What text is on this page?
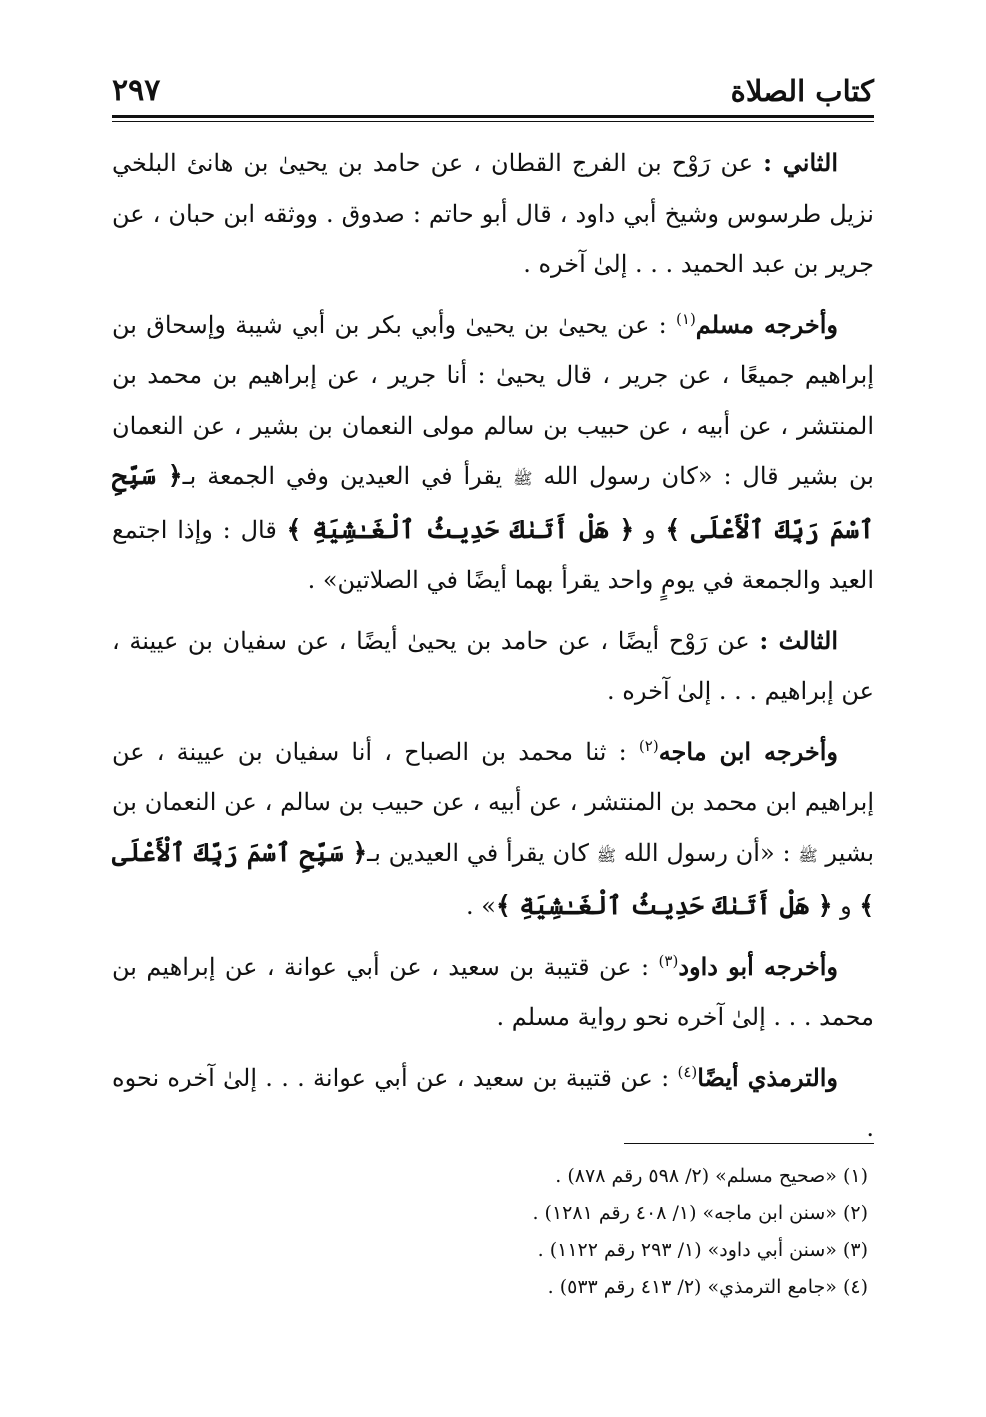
كتاب الصلاة
٢٩٧

الثاني : عن رَوْح بن الفرج القطان ، عن حامد بن يحيىٰ بن هانئ البلخي نزيل طرسوس وشيخ أبي داود ، قال أبو حاتم : صدوق . ووثقه ابن حبان ، عن جرير بن عبد الحميد . . . إلىٰ آخره .

وأخرجه مسلم$^{(١)}$ : عن يحيىٰ بن يحيىٰ وأبي بكر بن أبي شيبة وإسحاق بن إبراهيم جميعًا ، عن جرير ، قال يحيىٰ : أنا جرير ، عن إبراهيم بن محمد بن المنتشر ، عن أبيه ، عن حبيب بن سالم مولى النعمان بن بشير ، عن النعمان بن بشير قال : «كان رسول الله ﷺ يقرأ في العيدين وفي الجمعة بـ﴿ سَبِّحِ ٱسْمَ رَبِّكَ ٱلْأَعْلَى ﴾ و ﴿ هَلْ أَتَىٰكَ حَدِيثُ ٱلْغَـٰشِيَةِ ﴾ قال : وإذا اجتمع العيد والجمعة في يومٍ واحد يقرأ بهما أيضًا في الصلاتين» .

الثالث : عن رَوْح أيضًا ، عن حامد بن يحيىٰ أيضًا ، عن سفيان بن عيينة ، عن إبراهيم . . . إلىٰ آخره .

وأخرجه ابن ماجه$^{(٢)}$ : ثنا محمد بن الصباح ، أنا سفيان بن عيينة ، عن إبراهيم ابن محمد بن المنتشر ، عن أبيه ، عن حبيب بن سالم ، عن النعمان بن بشير ﷺ : «أن رسول الله ﷺ كان يقرأ في العيدين بـ﴿ سَبِّحِ ٱسْمَ رَبِّكَ ٱلْأَعْلَى ﴾ و ﴿ هَلْ أَتَىٰكَ حَدِيثُ ٱلْغَـٰشِيَةِ ﴾» .

وأخرجه أبو داود$^{(٣)}$ : عن قتيبة بن سعيد ، عن أبي عوانة ، عن إبراهيم بن محمد . . . إلىٰ آخره نحو رواية مسلم .

والترمذي أيضًا$^{(٤)}$ : عن قتيبة بن سعيد ، عن أبي عوانة . . . إلىٰ آخره نحوه .

(١) «صحيح مسلم» (٢/ ٥٩٨ رقم ٨٧٨) .
(٢) «سنن ابن ماجه» (١/ ٤٠٨ رقم ١٢٨١) .
(٣) «سنن أبي داود» (١/ ٢٩٣ رقم ١١٢٢) .
(٤) «جامع الترمذي» (٢/ ٤١٣ رقم ٥٣٣) .
